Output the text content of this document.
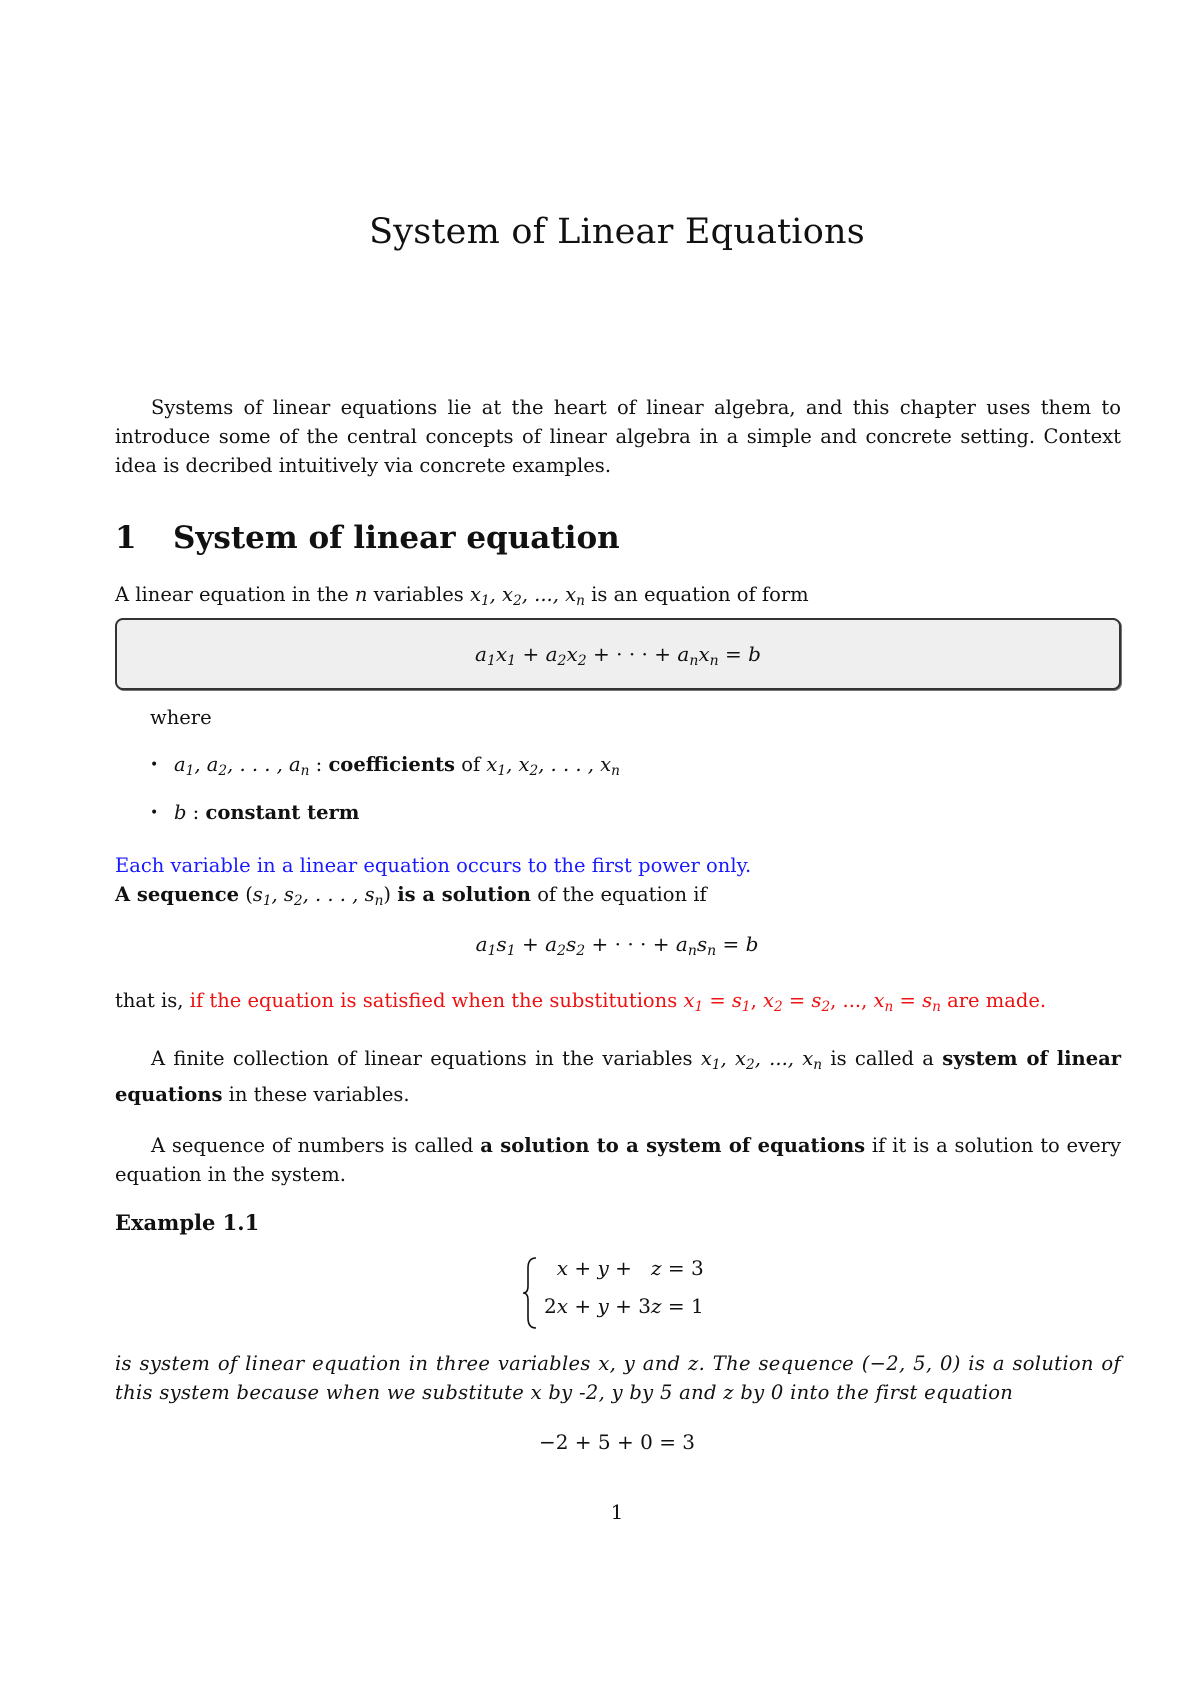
System of Linear Equations
Systems of linear equations lie at the heart of linear algebra, and this chapter uses them to introduce some of the central concepts of linear algebra in a simple and concrete setting. Context idea is decribed intuitively via concrete examples.
1 System of linear equation
A linear equation in the n variables $x_1$, $x_2$, ..., $x_n$ is an equation of form
$a_1x_1 + a_2x_2$ + · · · + $a_nx_n = b$
where
• $a_1$, $a_2$, . . . , $a_n$ : coefficients of $x_1$, $x_2$, . . . , $x_n$
• b : constant term
Each variable in a linear equation occurs to the first power only.
A sequence ($s_1$, $s_2$, . . . , $s_n$) is a solution of the equation if
$a_1s_1 + a_2s_2$ + · · · + $a_ns_n = b$
that is, if the equation is satisfied when the substitutions $x_1 = s_1$, $x_2 = s_2$, ..., $x_n = s_n$ are made.
A finite collection of linear equations in the variables $x_1$, $x_2$, ..., $x_n$ is called a system of linear equations in these variables.
A sequence of numbers is called a solution to a system of equations if it is a solution to every equation in the system.
Example 1.1
x + y +   z = 3
2x + y + 3z = 1
is system of linear equation in three variables x, y and z. The sequence (−2, 5, 0) is a solution of this system because when we substitute x by -2, y by 5 and z by 0 into the first equation
−2 + 5 + 0 = 3
1
